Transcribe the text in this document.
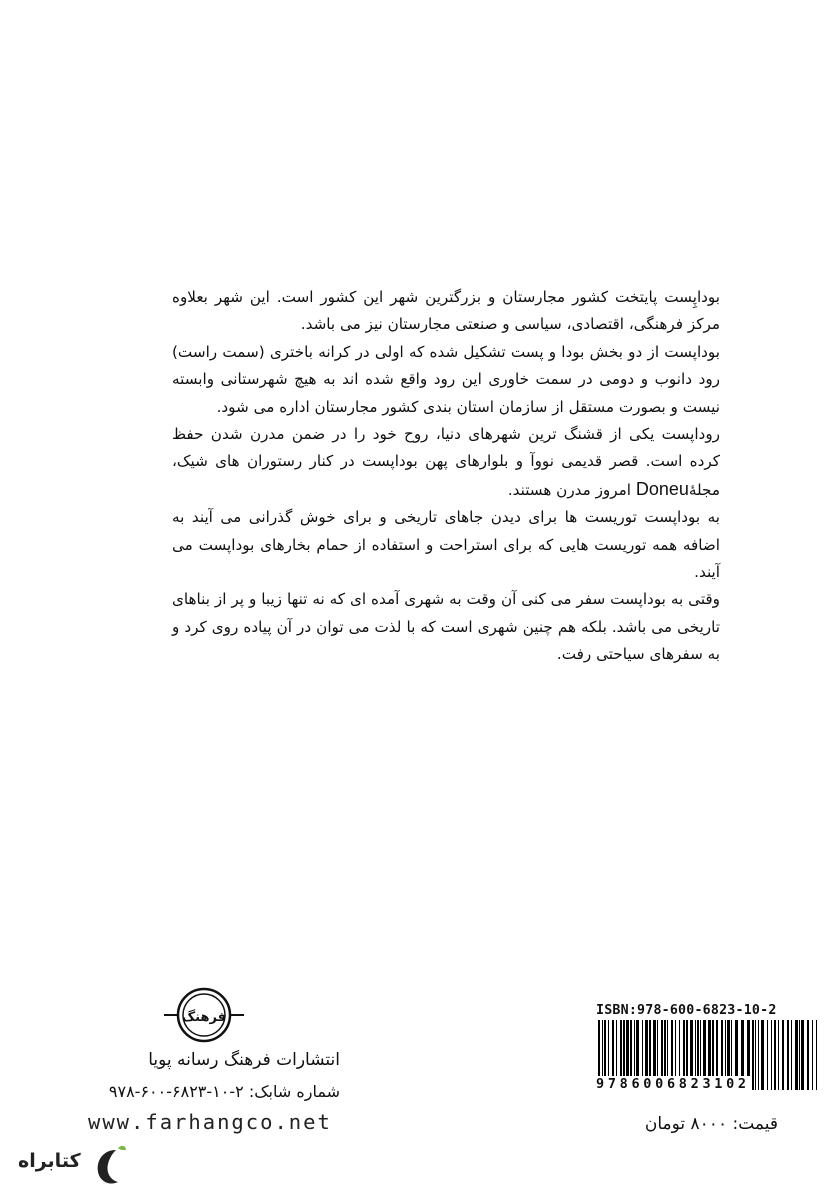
بوداپِست پایتخت کشور مجارستان و بزرگترین شهر این کشور است. این شهر بعلاوه مرکز فرهنگی، اقتصادی، سیاسی و صنعتی مجارستان نیز می باشد.

بوداپست از دو بخش بودا و پست تشکیل شده که اولی در کرانه باختری (سمت راست) رود دانوب و دومی در سمت خاوری این رود واقع شده اند به هیچ شهرستانی وابسته نیست و بصورت مستقل از سازمان استان بندی کشور مجارستان اداره می شود.

روداپست یکی از قشنگ ترین شهرهای دنیا، روح خود را در ضمن مدرن شدن حفظ کرده است. قصر قدیمی نووآ و بلوارهای پهن بوداپست در کنار رستوران های شیک، مجلهٔDoneu امروز مدرن هستند.

به بوداپست توریست ها برای دیدن جاهای تاریخی و برای خوش گذرانی می آیند به اضافه همه توریست هایی که برای استراحت و استفاده از حمام بخارهای بوداپست می آیند.

وقتی به بوداپست سفر می کنی آن وقت به شهری آمده ای که نه تنها زیبا و پر از بناهای تاریخی می باشد. بلکه هم چنین شهری است که با لذت می توان در آن پیاده روی کرد و به سفرهای سیاحتی رفت.

فرهنگ
انتشارات فرهنگ رسانه پویا
شماره شابک: ۲-۱۰-۶۸۲۳-۶۰۰-۹۷۸
www.farhangco.net
ISBN:978-600-6823-10-2
9786006823102
قیمت: ۸۰۰۰ تومان
کتابراه
